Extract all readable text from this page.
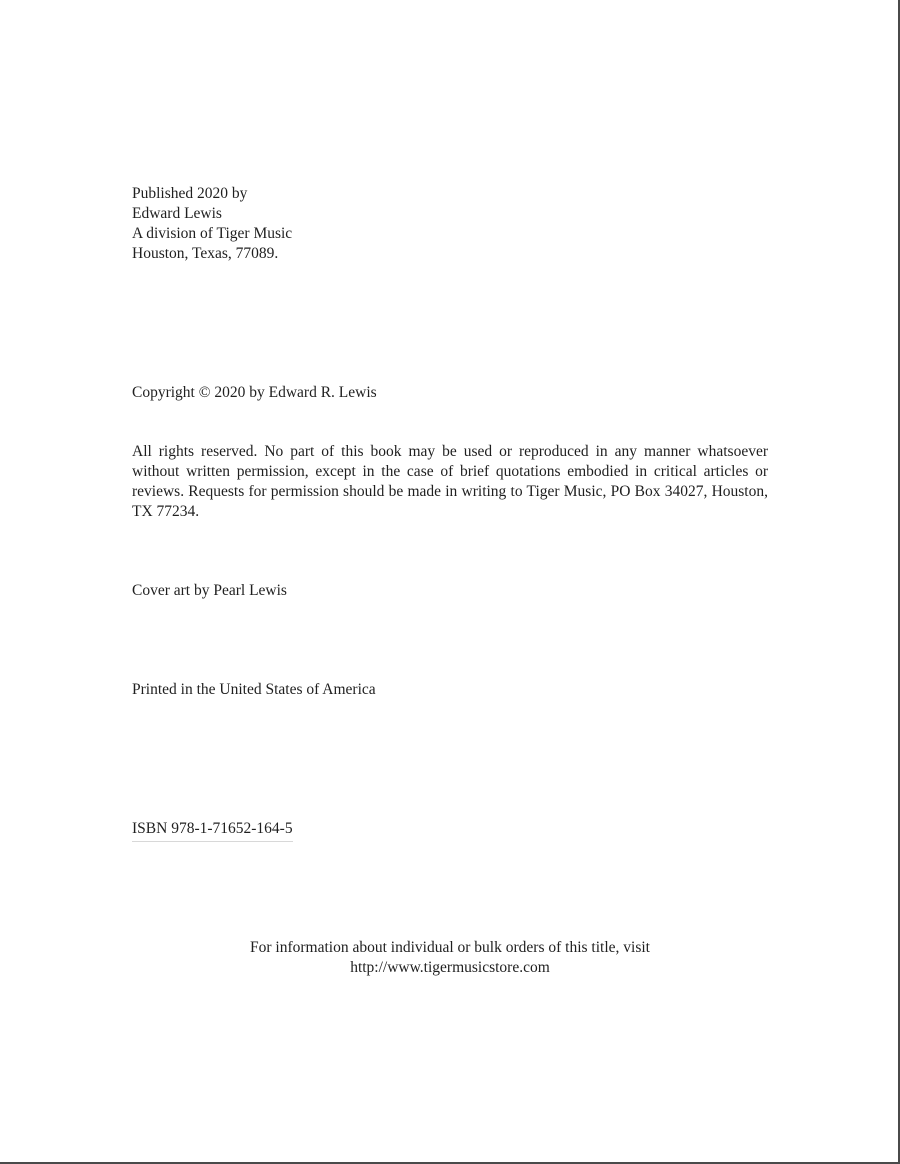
Published 2020 by
Edward Lewis
A division of Tiger Music
Houston, Texas, 77089.
Copyright © 2020 by Edward R. Lewis
All rights reserved. No part of this book may be used or reproduced in any manner whatsoever without written permission, except in the case of brief quotations embodied in critical articles or reviews. Requests for permission should be made in writing to Tiger Music, PO Box 34027, Houston, TX 77234.
Cover art by Pearl Lewis
Printed in the United States of America
ISBN 978-1-71652-164-5
For information about individual or bulk orders of this title, visit
http://www.tigermusicstore.com
